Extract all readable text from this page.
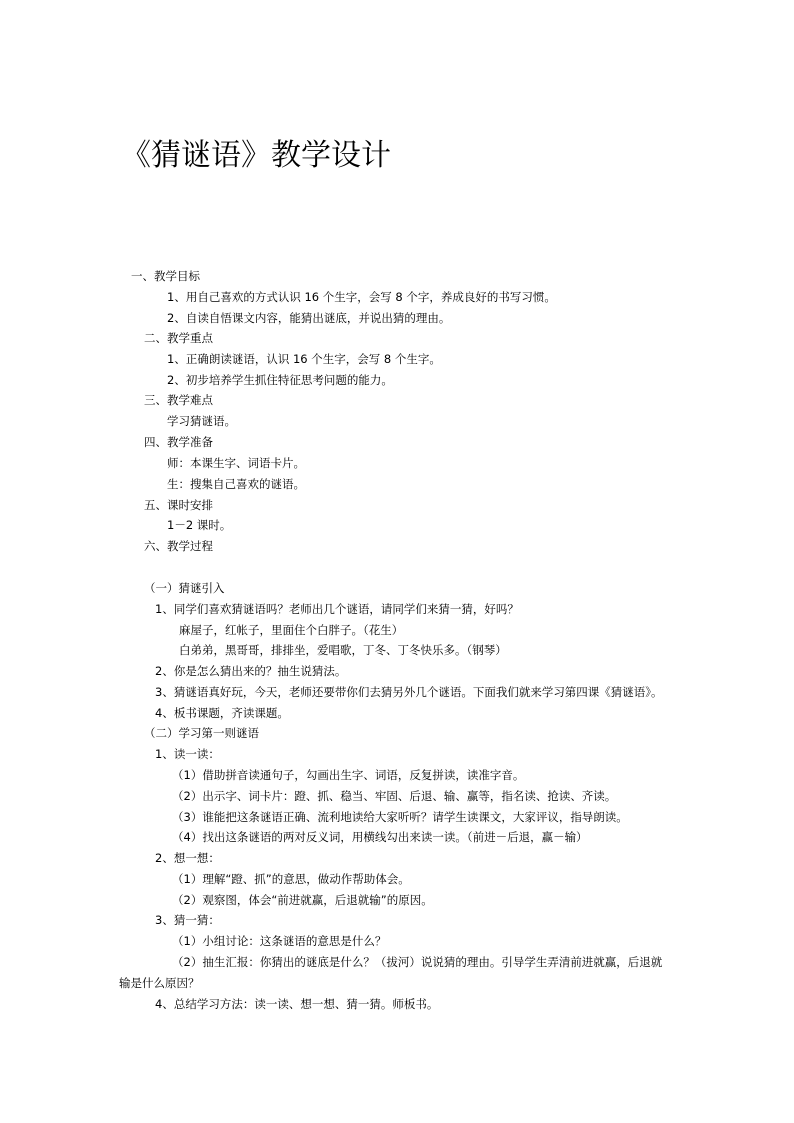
《猜谜语》教学设计
一、教学目标
1、用自己喜欢的方式认识 16 个生字，会写 8 个字，养成良好的书写习惯。
2、自读自悟课文内容，能猜出谜底，并说出猜的理由。
二、教学重点
1、正确朗读谜语，认识 16 个生字，会写 8 个生字。
2、初步培养学生抓住特征思考问题的能力。
三、教学难点
学习猜谜语。
四、教学准备
师：本课生字、词语卡片。
生：搜集自己喜欢的谜语。
五、课时安排
1－2 课时。
六、教学过程
（一）猜谜引入
1、同学们喜欢猜谜语吗？老师出几个谜语，请同学们来猜一猜，好吗？
麻屋子，红帐子，里面住个白胖子。（花生）
白弟弟，黑哥哥，排排坐，爱唱歌，丁冬、丁冬快乐多。（钢琴）
2、你是怎么猜出来的？抽生说猜法。
3、猜谜语真好玩，今天，老师还要带你们去猜另外几个谜语。下面我们就来学习第四课《猜谜语》。
4、板书课题，齐读课题。
（二）学习第一则谜语
1、读一读：
（1）借助拼音读通句子，勾画出生字、词语，反复拼读，读准字音。
（2）出示字、词卡片：蹬、抓、稳当、牢固、后退、输、赢等，指名读、抢读、齐读。
（3）谁能把这条谜语正确、流利地读给大家听听？请学生读课文，大家评议，指导朗读。
（4）找出这条谜语的两对反义词，用横线勾出来读一读。（前进－后退，赢－输）
2、想一想：
（1）理解“蹬、抓”的意思，做动作帮助体会。
（2）观察图，体会“前进就赢，后退就输”的原因。
3、猜一猜：
（1）小组讨论：这条谜语的意思是什么？
（2）抽生汇报：你猜出的谜底是什么？（拔河）说说猜的理由。引导学生弄清前进就赢，后退就
输是什么原因？
4、总结学习方法：读一读、想一想、猜一猜。师板书。
